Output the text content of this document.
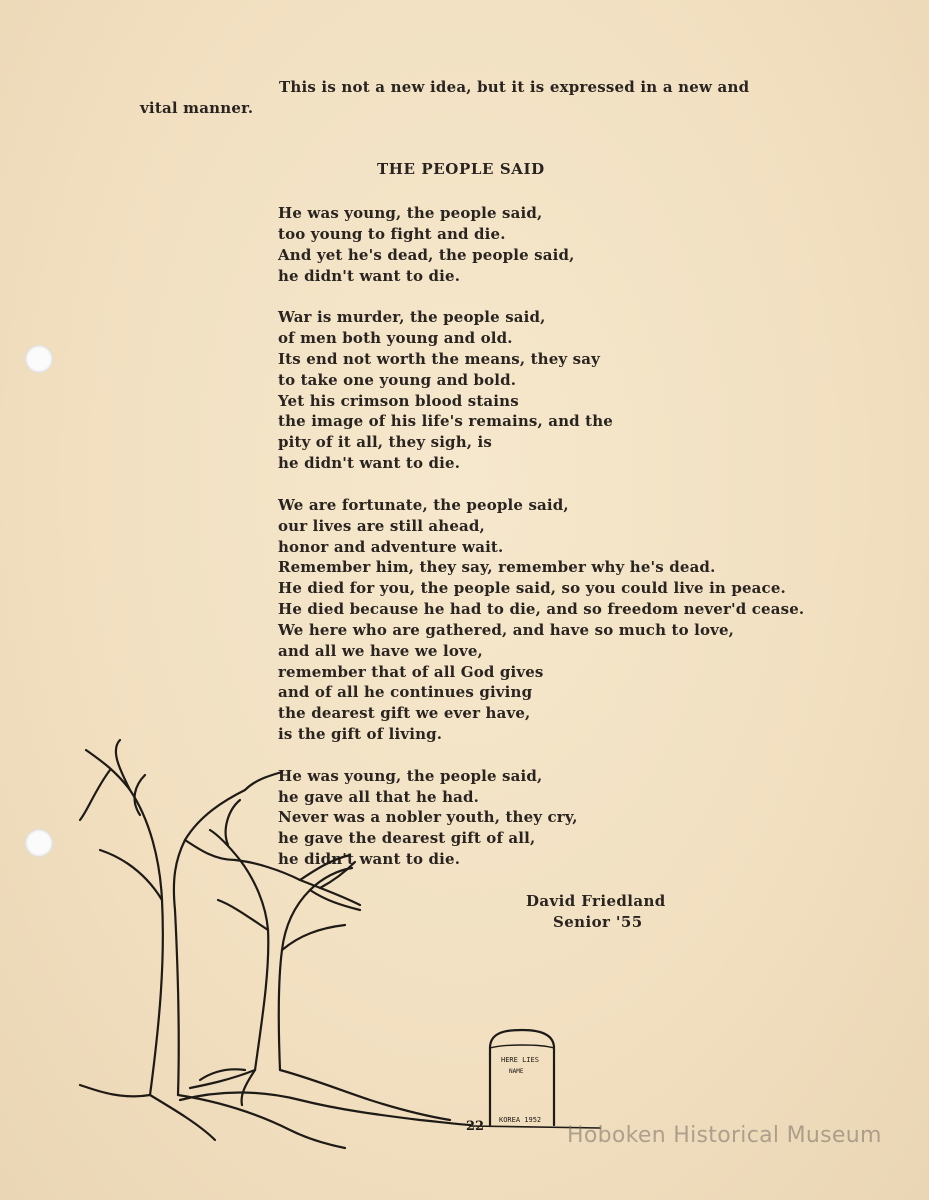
This is not a new idea, but it is expressed in a new and
vital manner.
THE PEOPLE SAID
He was young, the people said,
too young to fight and die.
And yet he's dead, the people said,
he didn't want to die.
War is murder, the people said,
of men both young and old.
Its end not worth the means, they say
to take one young and bold.
Yet his crimson blood stains
the image of his life's remains, and the
pity of it all, they sigh, is
he didn't want to die.
We are fortunate, the people said,
our lives are still ahead,
honor and adventure wait.
Remember him, they say, remember why he's dead.
He died for you, the people said, so you could live in peace.
He died because he had to die, and so freedom never'd cease.
We here who are gathered, and have so much to love,
and all we have we love,
remember that of all God gives
and of all he continues giving
the dearest gift we ever have,
is the gift of living.
He was young, the people said,
he gave all that he had.
Never was a nobler youth, they cry,
he gave the dearest gift of all,
he didn't want to die.
HERE LIES
NAME
KOREA 1952
22
David Friedland
Senior '55
Hoboken Historical Museum
